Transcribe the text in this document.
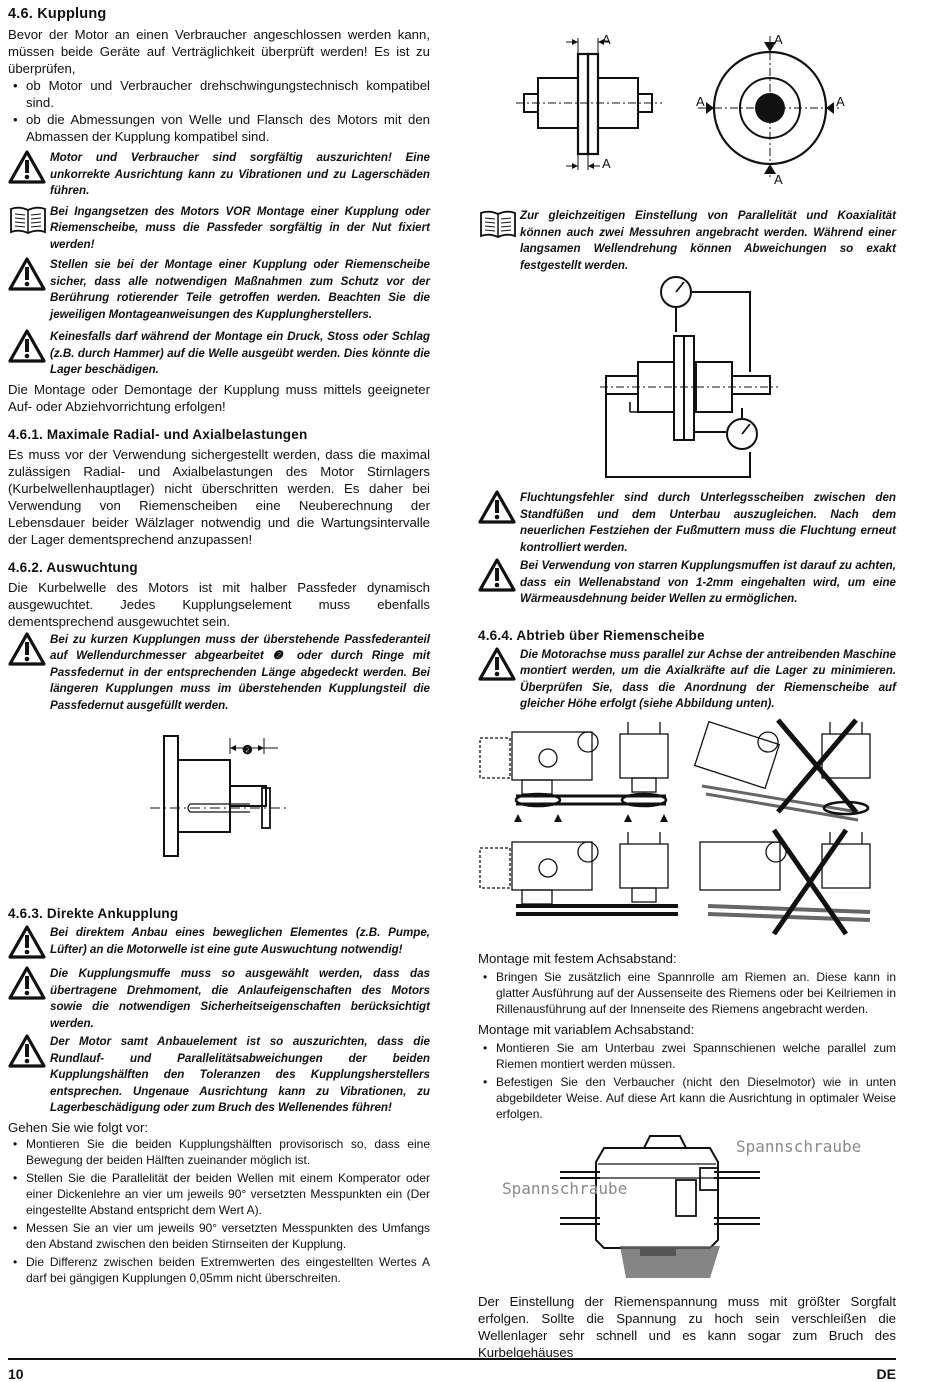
4.6. Kupplung

Bevor der Motor an einen Verbraucher angeschlossen werden kann, müssen beide Geräte auf Verträglichkeit überprüft werden! Es ist zu überprüfen,

• ob Motor und Verbraucher drehschwingungstechnisch kompatibel sind.
• ob die Abmessungen von Welle und Flansch des Motors mit den Abmassen der Kupplung kompatibel sind.
Motor und Verbraucher sind sorgfältig auszurichten! Eine unkorrekte Ausrichtung kann zu Vibrationen und zu Lagerschäden führen.
Bei Ingangsetzen des Motors VOR Montage einer Kupplung oder Riemenscheibe, muss die Passfeder sorgfältig in der Nut fixiert werden!
Stellen sie bei der Montage einer Kupplung oder Riemenscheibe sicher, dass alle notwendigen Maßnahmen zum Schutz vor der Berührung rotierender Teile getroffen werden. Beachten Sie die jeweiligen Montageanweisungen des Kupplungherstellers.
Keinesfalls darf während der Montage ein Druck, Stoss oder Schlag (z.B. durch Hammer) auf die Welle ausgeübt werden. Dies könnte die Lager beschädigen.

Die Montage oder Demontage der Kupplung muss mittels geeigneter Auf- oder Abziehvorrichtung erfolgen!

4.6.1. Maximale Radial- und Axialbelastungen

Es muss vor der Verwendung sichergestellt werden, dass die maximal zulässigen Radial- und Axialbelastungen des Motor Stirnlagers (Kurbelwellenhauptlager) nicht überschritten werden. Es daher bei Verwendung von Riemenscheiben eine Neuberechnung der Lebensdauer beider Wälzlager notwendig und die Wartungsintervalle der Lager dementsprechend anzupassen!

4.6.2. Auswuchtung

Die Kurbelwelle des Motors ist mit halber Passfeder dynamisch ausgewuchtet. Jedes Kupplungselement muss ebenfalls dementsprechend ausgewuchtet sein.

Bei zu kurzen Kupplungen muss der überstehende Passfederanteil auf Wellendurchmesser abgearbeitet ❷ oder durch Ringe mit Passfedernut in der entsprechenden Länge abgedeckt werden. Bei längeren Kupplungen muss im überstehenden Kupplungsteil die Passfedernut ausgefüllt werden.
❷
4.6.3. Direkte Ankupplung
Bei direktem Anbau eines beweglichen Elementes (z.B. Pumpe, Lüfter) an die Motorwelle ist eine gute Auswuchtung notwendig!
Die Kupplungsmuffe muss so ausgewählt werden, dass das übertragene Drehmoment, die Anlaufeigenschaften des Motors sowie die notwendigen Sicherheitseigenschaften berücksichtigt werden.
Der Motor samt Anbauelement ist so auszurichten, dass die Rundlauf- und Parallelitätsabweichungen der beiden Kupplungshälften den Toleranzen des Kupplungsherstellers entsprechen. Ungenaue Ausrichtung kann zu Vibrationen, zu Lagerbeschädigung oder zum Bruch des Wellenendes führen!

Gehen Sie wie folgt vor:

• Montieren Sie die beiden Kupplungshälften provisorisch so, dass eine Bewegung der beiden Hälften zueinander möglich ist.
• Stellen Sie die Parallelität der beiden Wellen mit einem Komperator oder einer Dickenlehre an vier um jeweils 90° versetzten Messpunkten ein (Der eingestellte Abstand entspricht dem Wert A).
• Messen Sie an vier um jeweils 90° versetzten Messpunkten des Umfangs den Abstand zwischen den beiden Stirnseiten der Kupplung.
• Die Differenz zwischen beiden Extremwerten des eingestellten Wertes A darf bei gängigen Kupplungen 0,05mm nicht überschreiten.
A
A
A
A
A	A
Zur gleichzeitigen Einstellung von Parallelität und Koaxialität können auch zwei Messuhren angebracht werden. Während einer langsamen Wellendrehung können Abweichungen so exakt festgestellt werden.
Fluchtungsfehler sind durch Unterlegsscheiben zwischen den Standfüßen und dem Unterbau auszugleichen. Nach dem neuerlichen Festziehen der Fußmuttern muss die Fluchtung erneut kontrolliert werden.
Bei Verwendung von starren Kupplungsmuffen ist darauf zu achten, dass ein Wellenabstand von 1-2mm eingehalten wird, um eine Wärmeausdehnung beider Wellen zu ermöglichen.
4.6.4. Abtrieb über Riemenscheibe
Die Motorachse muss parallel zur Achse der antreibenden Maschine montiert werden, um die Axialkräfte auf die Lager zu minimieren. Überprüfen Sie, dass die Anordnung der Riemenscheibe auf gleicher Höhe erfolgt (siehe Abbildung unten).

Montage mit festem Achsabstand:

• Bringen Sie zusätzlich eine Spannrolle am Riemen an. Diese kann in glatter Ausführung auf der Aussenseite des Riemens oder bei Keilriemen in Rillenausführung auf der Innenseite des Riemens angebracht werden.

Montage mit variablem Achsabstand:

• Montieren Sie am Unterbau zwei Spannschienen welche parallel zum Riemen montiert werden müssen.
• Befestigen Sie den Verbaucher (nicht den Dieselmotor) wie in unten abgebildeter Weise. Auf diese Art kann die Ausrichtung in optimaler Weise erfolgen.
Spannschraube
Spannschraube

Der Einstellung der Riemenspannung muss mit größter Sorgfalt erfolgen. Sollte die Spannung zu hoch sein verschleißen die Wellenlager sehr schnell und es kann sogar zum Bruch des Kurbelgehäuses

10	DE
